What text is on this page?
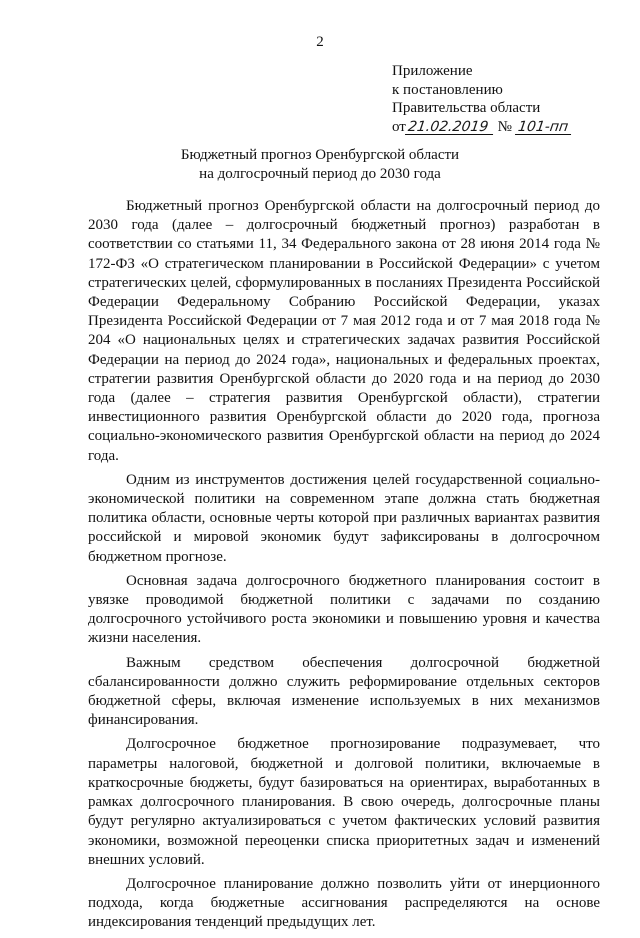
2
Приложение
к постановлению
Правительства области
от21.02.2019 № 101-пп
Бюджетный прогноз Оренбургской области
на долгосрочный период до 2030 года

Бюджетный прогноз Оренбургской области на долгосрочный период до 2030 года (далее – долгосрочный бюджетный прогноз) разработан в соответствии со статьями 11, 34 Федерального закона от 28 июня 2014 года № 172-ФЗ «О стратегическом планировании в Российской Федерации» с учетом стратегических целей, сформулированных в посланиях Президента Российской Федерации Федеральному Собранию Российской Федерации, указах Президента Российской Федерации от 7 мая 2012 года и от 7 мая 2018 года № 204 «О национальных целях и стратегических задачах развития Российской Федерации на период до 2024 года», национальных и федеральных проектах, стратегии развития Оренбургской области до 2020 года и на период до 2030 года (далее – стратегия развития Оренбургской области), стратегии инвестиционного развития Оренбургской области до 2020 года, прогноза социально-экономического развития Оренбургской области на период до 2024 года.

Одним из инструментов достижения целей государственной социально-экономической политики на современном этапе должна стать бюджетная политика области, основные черты которой при различных вариантах развития российской и мировой экономик будут зафиксированы в долгосрочном бюджетном прогнозе.

Основная задача долгосрочного бюджетного планирования состоит в увязке проводимой бюджетной политики с задачами по созданию долгосрочного устойчивого роста экономики и повышению уровня и качества жизни населения.

Важным средством обеспечения долгосрочной бюджетной сбалансированности должно служить реформирование отдельных секторов бюджетной сферы, включая изменение используемых в них механизмов финансирования.

Долгосрочное бюджетное прогнозирование подразумевает, что параметры налоговой, бюджетной и долговой политики, включаемые в краткосрочные бюджеты, будут базироваться на ориентирах, выработанных в рамках долгосрочного планирования. В свою очередь, долгосрочные планы будут регулярно актуализироваться с учетом фактических условий развития экономики, возможной переоценки списка приоритетных задач и изменений внешних условий.

Долгосрочное планирование должно позволить уйти от инерционного подхода, когда бюджетные ассигнования распределяются на основе индексирования тенденций предыдущих лет.
